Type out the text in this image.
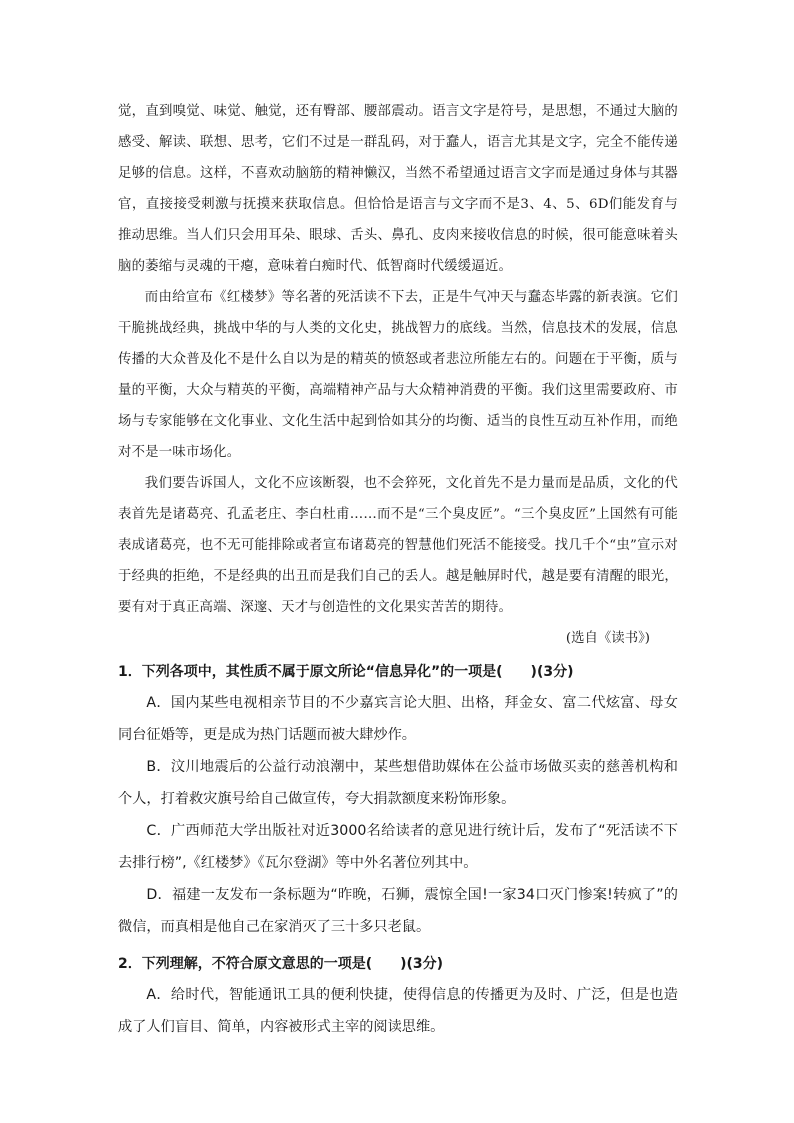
觉，直到嗅觉、味觉、触觉，还有臀部、腰部震动。语言文字是符号，是思想，不通过大脑的感受、解读、联想、思考，它们不过是一群乱码，对于蠢人，语言尤其是文字，完全不能传递足够的信息。这样，不喜欢动脑筋的精神懒汉，当然不希望通过语言文字而是通过身体与其器官，直接接受刺激与抚摸来获取信息。但恰恰是语言与文字而不是3、4、5、6D们能发育与推动思维。当人们只会用耳朵、眼球、舌头、鼻孔、皮肉来接收信息的时候，很可能意味着头脑的萎缩与灵魂的干瘪，意味着白痴时代、低智商时代缓缓逼近。

而由给宣布《红楼梦》等名著的死活读不下去，正是牛气冲天与蠢态毕露的新表演。它们干脆挑战经典，挑战中华的与人类的文化史，挑战智力的底线。当然，信息技术的发展，信息传播的大众普及化不是什么自以为是的精英的愤怒或者悲泣所能左右的。问题在于平衡，质与量的平衡，大众与精英的平衡，高端精神产品与大众精神消费的平衡。我们这里需要政府、市场与专家能够在文化事业、文化生活中起到恰如其分的均衡、适当的良性互动互补作用，而绝对不是一味市场化。

我们要告诉国人，文化不应该断裂，也不会猝死，文化首先不是力量而是品质，文化的代表首先是诸葛亮、孔孟老庄、李白杜甫……而不是“三个臭皮匠”。“三个臭皮匠”上国然有可能表成诸葛亮，也不无可能排除或者宣布诸葛亮的智慧他们死活不能接受。找几千个“虫”宣示对于经典的拒绝，不是经典的出丑而是我们自己的丢人。越是触屏时代，越是要有清醒的眼光，要有对于真正高端、深邃、天才与创造性的文化果实苦苦的期待。

(选自《读书》)
1．下列各项中，其性质不属于原文所论“信息异化”的一项是(　　)(3分)

A．国内某些电视相亲节目的不少嘉宾言论大胆、出格，拜金女、富二代炫富、母女同台征婚等，更是成为热门话题而被大肆炒作。

B．汶川地震后的公益行动浪潮中，某些想借助媒体在公益市场做买卖的慈善机构和个人，打着救灾旗号给自己做宣传，夸大捐款额度来粉饰形象。

C．广西师范大学出版社对近3000名给读者的意见进行统计后，发布了“死活读不下去排行榜”,《红楼梦》《瓦尔登湖》等中外名著位列其中。

D．福建一友发布一条标题为“昨晚，石狮，震惊全国!一家34口灭门惨案!转疯了”的微信，而真相是他自己在家消灭了三十多只老鼠。

2．下列理解，不符合原文意思的一项是(　　)(3分)

A．给时代，智能通讯工具的便利快捷，使得信息的传播更为及时、广泛，但是也造成了人们盲目、简单，内容被形式主宰的阅读思维。
